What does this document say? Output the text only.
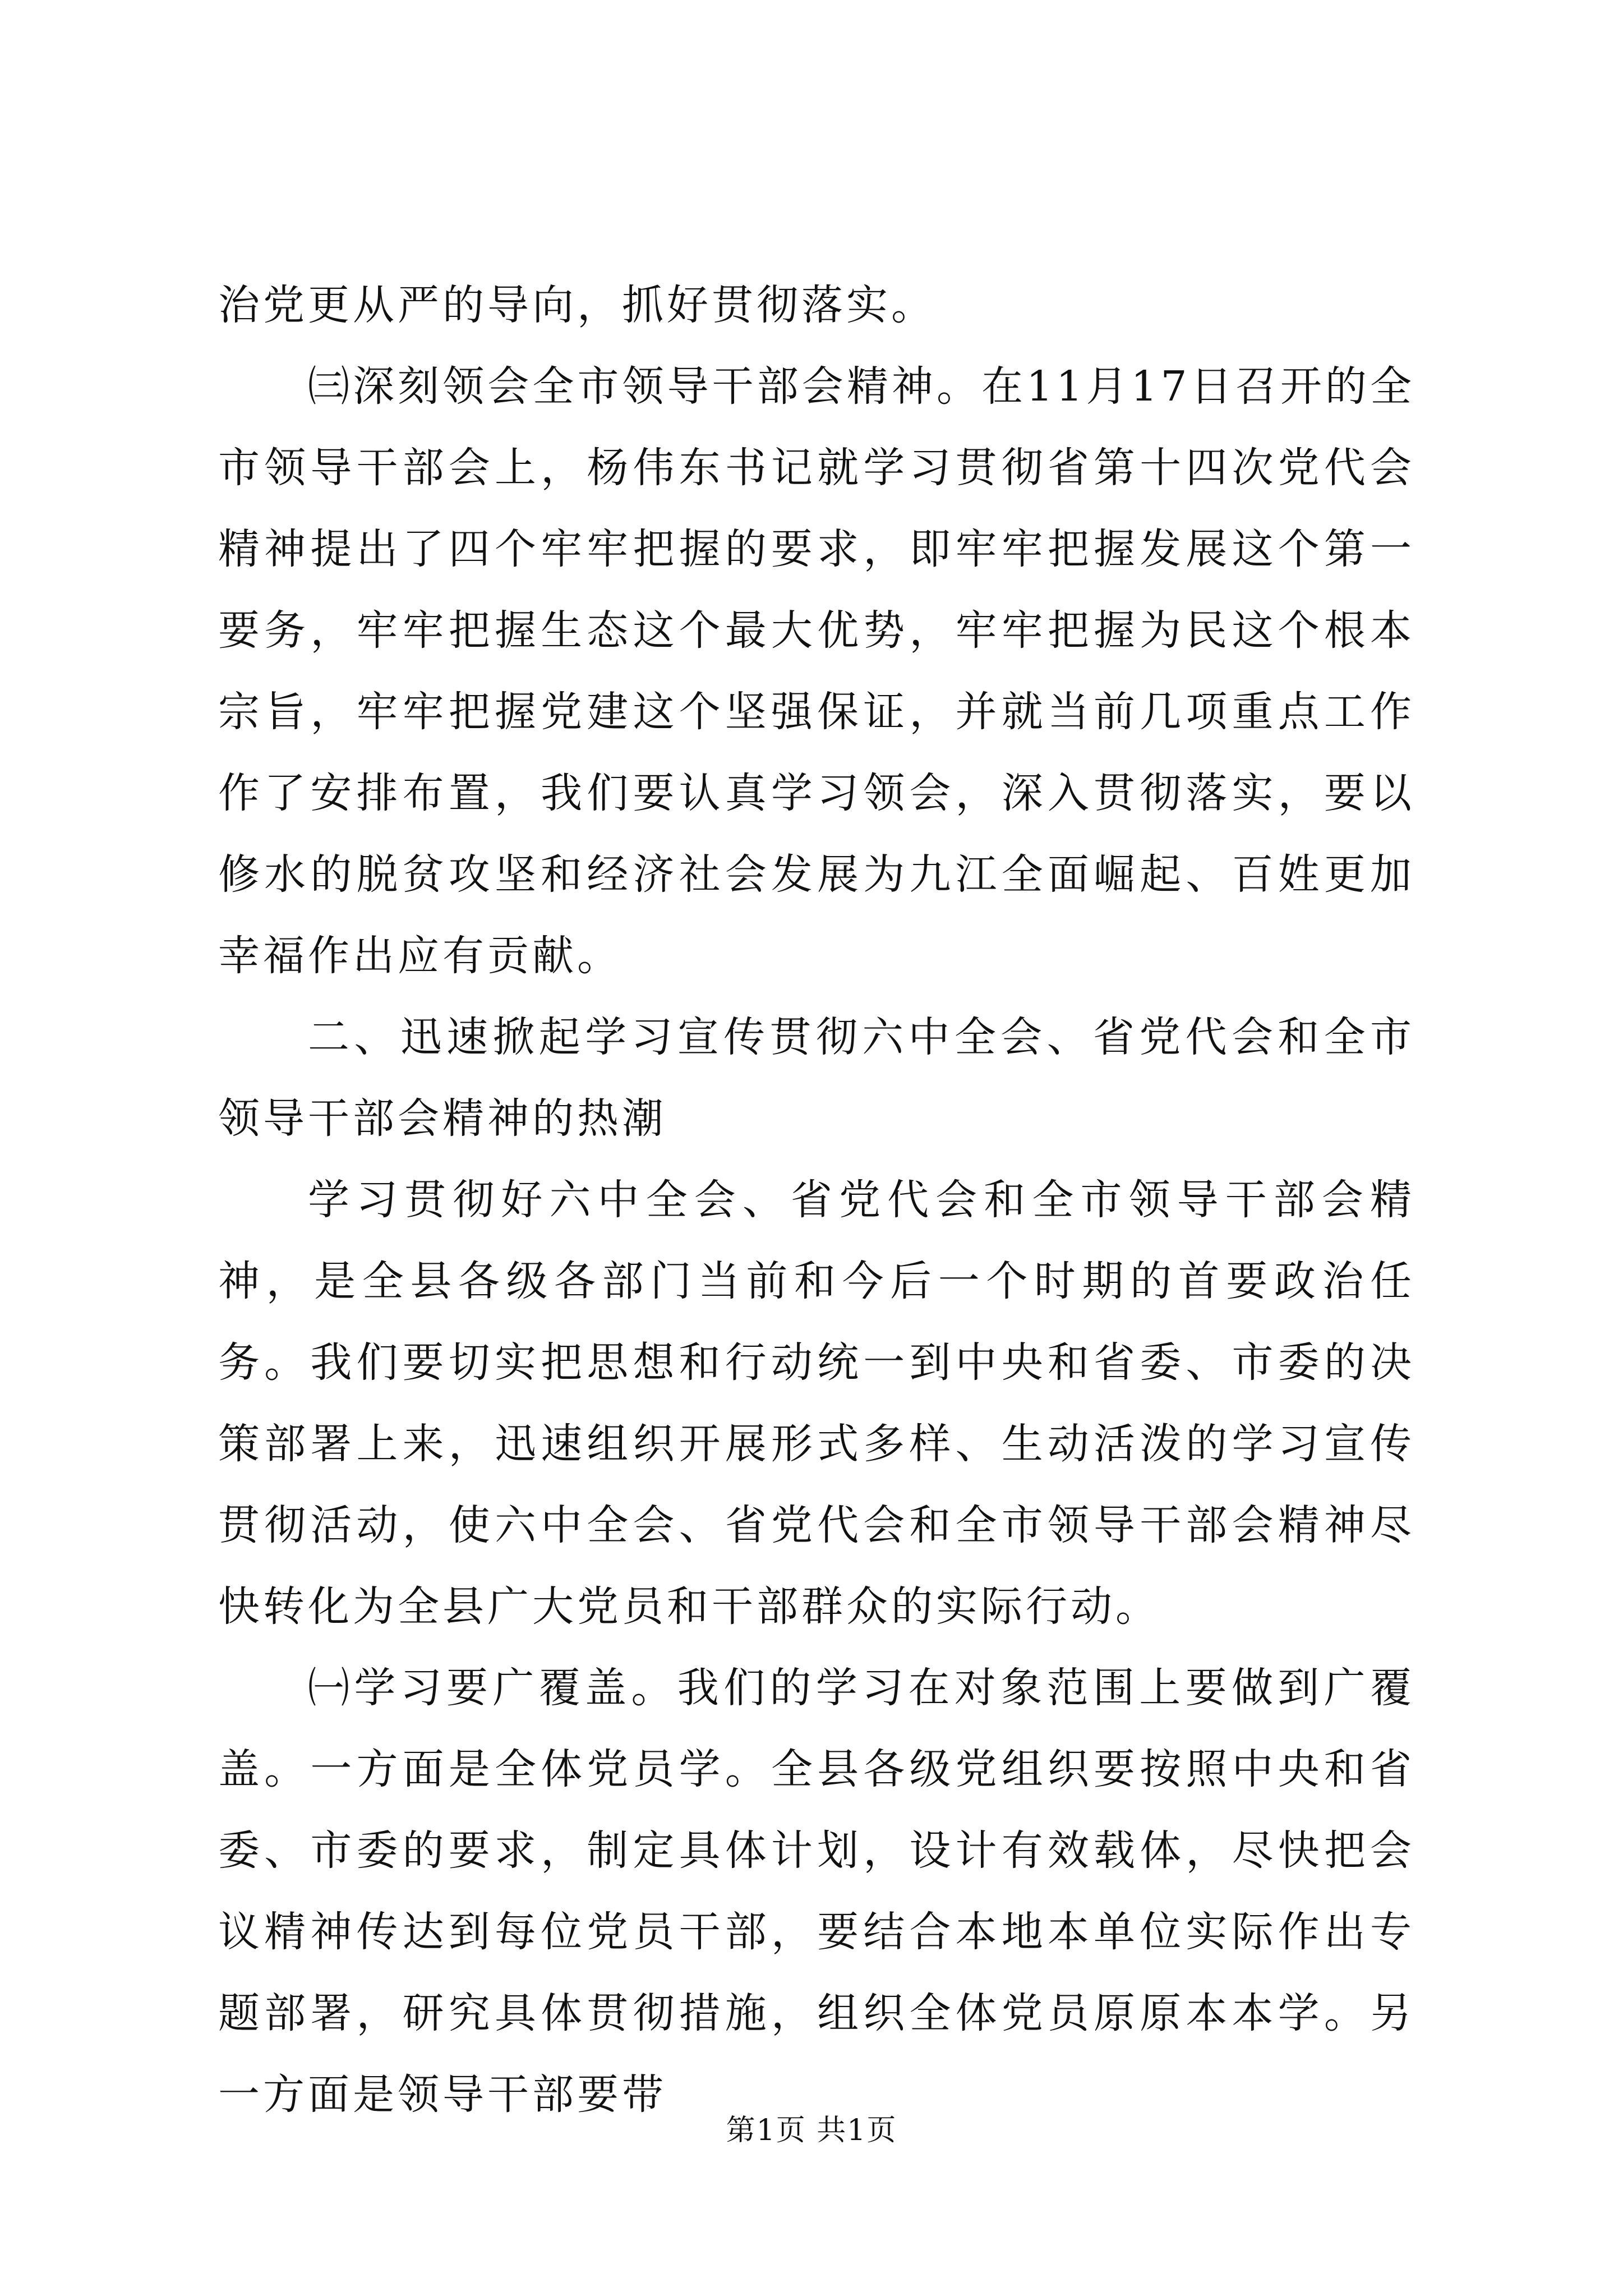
治党更从严的导向，抓好贯彻落实。

㈢深刻领会全市领导干部会精神。在11月17日召开的全市领导干部会上，杨伟东书记就学习贯彻省第十四次党代会精神提出了四个牢牢把握的要求，即牢牢把握发展这个第一要务，牢牢把握生态这个最大优势，牢牢把握为民这个根本宗旨，牢牢把握党建这个坚强保证，并就当前几项重点工作作了安排布置，我们要认真学习领会，深入贯彻落实，要以修水的脱贫攻坚和经济社会发展为九江全面崛起、百姓更加幸福作出应有贡献。

二、迅速掀起学习宣传贯彻六中全会、省党代会和全市领导干部会精神的热潮

学习贯彻好六中全会、省党代会和全市领导干部会精神，是全县各级各部门当前和今后一个时期的首要政治任务。我们要切实把思想和行动统一到中央和省委、市委的决策部署上来，迅速组织开展形式多样、生动活泼的学习宣传贯彻活动，使六中全会、省党代会和全市领导干部会精神尽快转化为全县广大党员和干部群众的实际行动。

㈠学习要广覆盖。我们的学习在对象范围上要做到广覆盖。一方面是全体党员学。全县各级党组织要按照中央和省委、市委的要求，制定具体计划，设计有效载体，尽快把会议精神传达到每位党员干部，要结合本地本单位实际作出专题部署，研究具体贯彻措施，组织全体党员原原本本学。另一方面是领导干部要带

第1页 共1页
